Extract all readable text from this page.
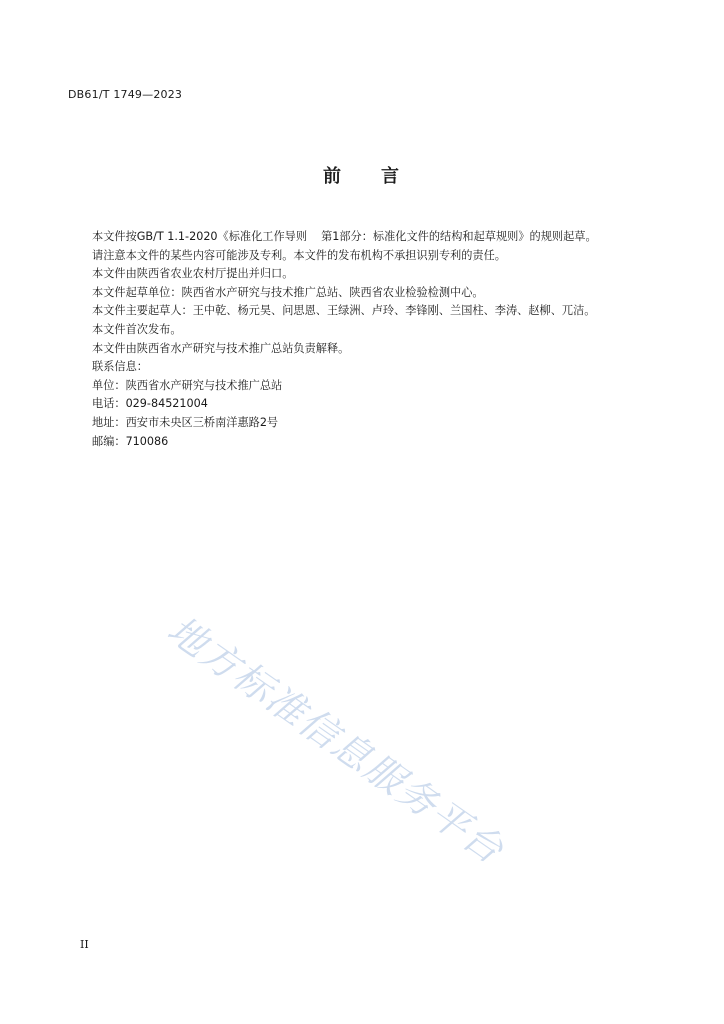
DB61/T 1749—2023
前 言

本文件按GB/T 1.1-2020《标准化工作导则 第1部分：标准化文件的结构和起草规则》的规则起草。

请注意本文件的某些内容可能涉及专利。本文件的发布机构不承担识别专利的责任。

本文件由陕西省农业农村厅提出并归口。

本文件起草单位：陕西省水产研究与技术推广总站、陕西省农业检验检测中心。

本文件主要起草人：王中乾、杨元昊、问思恩、王绿洲、卢玲、李锋刚、兰国柱、李涛、赵柳、兀洁。

本文件首次发布。

本文件由陕西省水产研究与技术推广总站负责解释。

联系信息：

单位：陕西省水产研究与技术推广总站

电话：029-84521004

地址：西安市未央区三桥南洋惠路2号

邮编：710086

地方标准信息服务平台
II
